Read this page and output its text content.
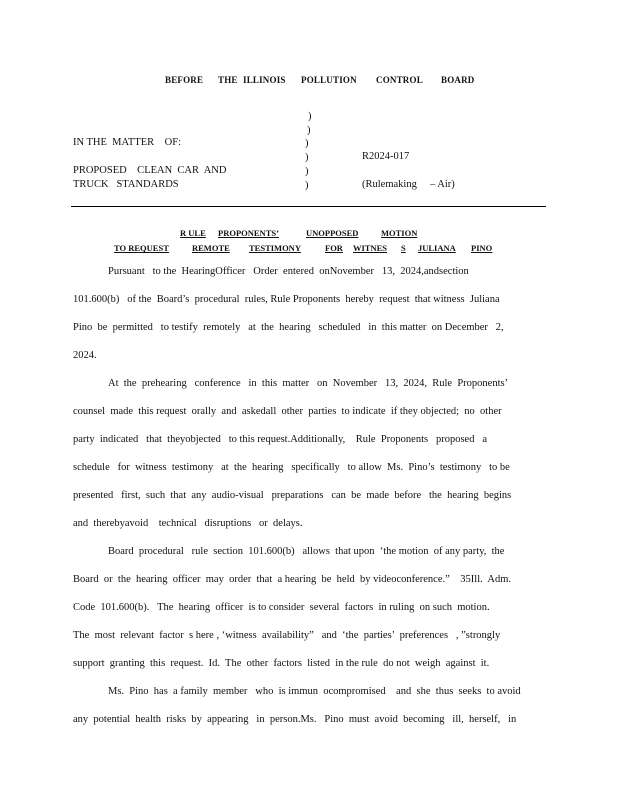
BEFORE THE ILLINOIS POLLUTION CONTROL BOARD
)
)
)
)
)
)
IN THE  MATTER    OF:
PROPOSED    CLEAN  CAR  AND
TRUCK   STANDARDS
R2024-017
(Rulemaking     – Air)
R ULE PROPONENTS’	UNOPPOSED	MOTION
TO REQUEST	REMOTE TESTIMONY	FOR WITNES S JULIANA PINO
Pursuant   to the  HearingOfficer   Order  entered  onNovember   13,  2024,andsection
101.600(b)   of the  Board’s  procedural  rules, Rule Proponents  hereby  request  that witness  Juliana
Pino  be  permitted   to testify  remotely   at  the  hearing   scheduled   in  this matter  on December   2,
2024.
At  the  prehearing   conference   in  this  matter   on  November   13,  2024,  Rule  Proponents’
counsel  made  this request  orally  and  askedall  other  parties  to indicate  if they objected;  no  other
party  indicated   that  theyobjected   to this request.Additionally,    Rule  Proponents   proposed   a
schedule   for  witness  testimony   at  the  hearing   specifically   to allow  Ms.  Pino’s  testimony   to be
presented   first,  such  that  any  audio-visual   preparations   can  be  made  before   the  hearing  begins
and  therebyavoid    technical   disruptions   or  delays.
Board  procedural   rule  section  101.600(b)   allows  that upon  ‘the motion  of any party,  the
Board  or  the  hearing  officer  may  order  that  a hearing  be  held  by videoconference.”    35Ill.  Adm.
Code  101.600(b).   The  hearing  officer  is to consider  several  factors  in ruling  on such  motion.
The  most  relevant  factor  s here , ‘witness  availability”   and  ‘the  parties’  preferences   , ”strongly
support  granting  this  request.  Id.  The  other  factors  listed  in the rule  do not  weigh  against  it.
Ms.  Pino  has  a family  member   who  is immun  ocompromised    and  she  thus  seeks  to avoid
any  potential  health  risks  by  appearing   in  person.Ms.   Pino  must  avoid  becoming   ill,  herself,   in
